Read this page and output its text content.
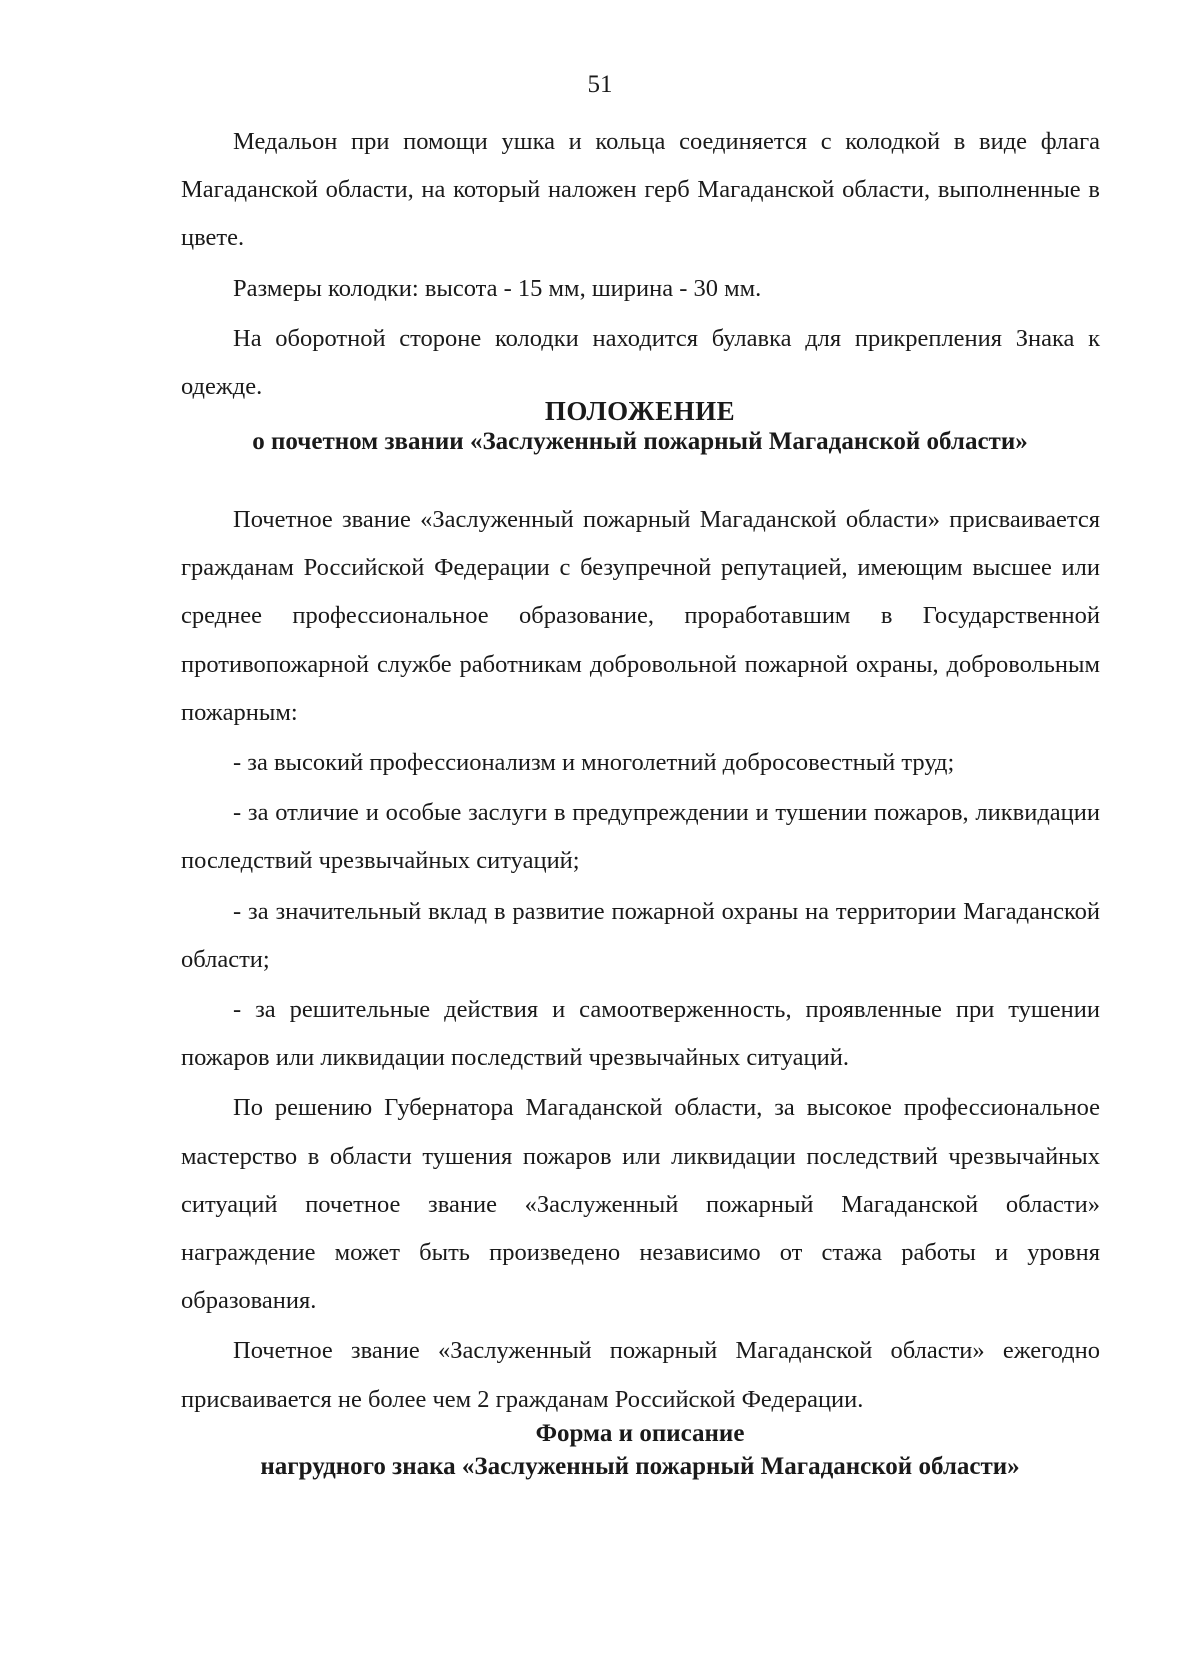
51

Медальон при помощи ушка и кольца соединяется с колодкой в виде флага Магаданской области, на который наложен герб Магаданской области, выполненные в цвете.

Размеры колодки: высота - 15 мм, ширина - 30 мм.

На оборотной стороне колодки находится булавка для прикрепления Знака к одежде.

ПОЛОЖЕНИЕ
о почетном звании «Заслуженный пожарный Магаданской области»

Почетное звание «Заслуженный пожарный Магаданской области» присваивается гражданам Российской Федерации с безупречной репутацией, имеющим высшее или среднее профессиональное образование, проработавшим в Государственной противопожарной службе работникам добровольной пожарной охраны, добровольным пожарным:

- за высокий профессионализм и многолетний добросовестный труд;

- за отличие и особые заслуги в предупреждении и тушении пожаров, ликвидации последствий чрезвычайных ситуаций;

- за значительный вклад в развитие пожарной охраны на территории Магаданской области;

- за решительные действия и самоотверженность, проявленные при тушении пожаров или ликвидации последствий чрезвычайных ситуаций.

По решению Губернатора Магаданской области, за высокое профессиональное мастерство в области тушения пожаров или ликвидации последствий чрезвычайных ситуаций почетное звание «Заслуженный пожарный Магаданской области» награждение может быть произведено независимо от стажа работы и уровня образования.

Почетное звание «Заслуженный пожарный Магаданской области» ежегодно присваивается не более чем 2 гражданам Российской Федерации.

Форма и описание
нагрудного знака «Заслуженный пожарный Магаданской области»
